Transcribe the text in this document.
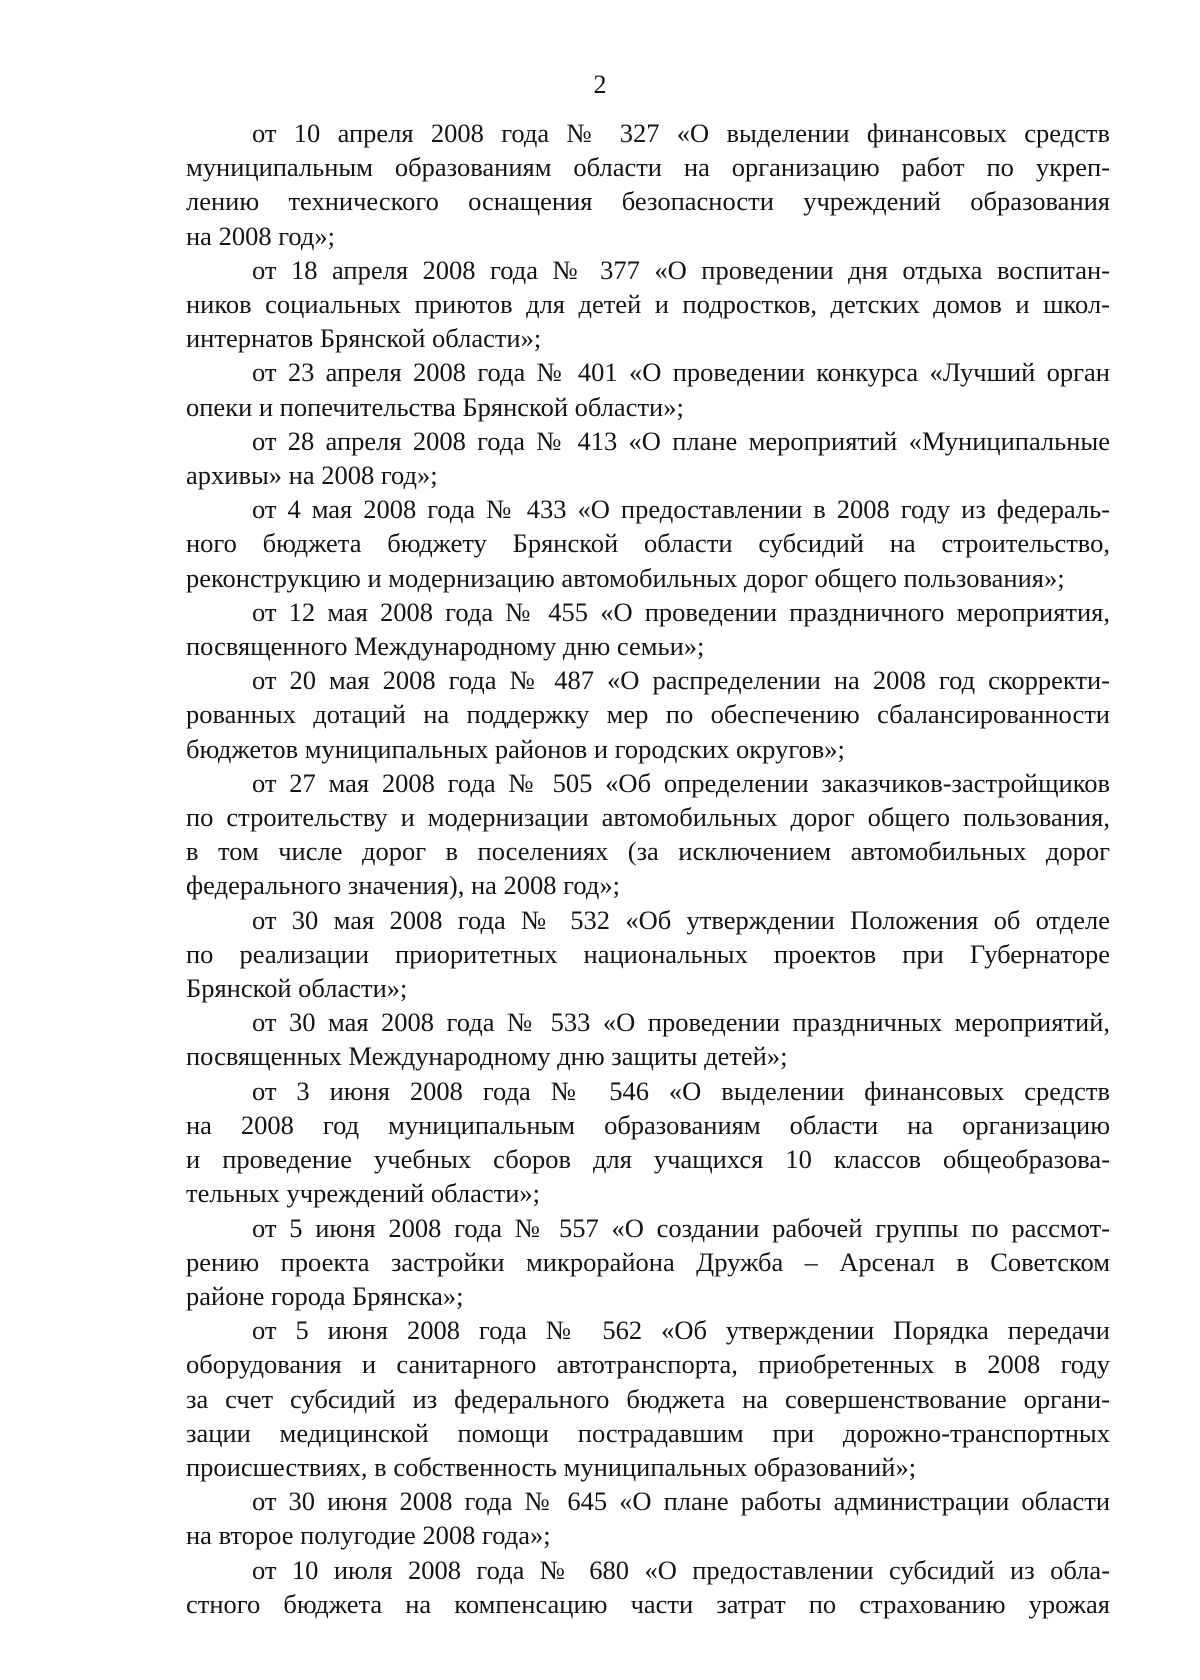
2
от 10 апреля 2008 года № 327 «О выделении финансовых средств
муниципальным образованиям области на организацию работ по укреп-
лению технического оснащения безопасности учреждений образования
на 2008 год»;
от 18 апреля 2008 года № 377 «О проведении дня отдыха воспитан-
ников социальных приютов для детей и подростков, детских домов и школ-
интернатов Брянской области»;
от 23 апреля 2008 года № 401 «О проведении конкурса «Лучший орган
опеки и попечительства Брянской области»;
от 28 апреля 2008 года № 413 «О плане мероприятий «Муниципальные
архивы» на 2008 год»;
от 4 мая 2008 года № 433 «О предоставлении в 2008 году из федераль-
ного бюджета бюджету Брянской области субсидий на строительство,
реконструкцию и модернизацию автомобильных дорог общего пользования»;
от 12 мая 2008 года № 455 «О проведении праздничного мероприятия,
посвященного Международному дню семьи»;
от 20 мая 2008 года № 487 «О распределении на 2008 год скорректи-
рованных дотаций на поддержку мер по обеспечению сбалансированности
бюджетов муниципальных районов и городских округов»;
от 27 мая 2008 года № 505 «Об определении заказчиков-застройщиков
по строительству и модернизации автомобильных дорог общего пользования,
в том числе дорог в поселениях (за исключением автомобильных дорог
федерального значения), на 2008 год»;
от 30 мая 2008 года № 532 «Об утверждении Положения об отделе
по реализации приоритетных национальных проектов при Губернаторе
Брянской области»;
от 30 мая 2008 года № 533 «О проведении праздничных мероприятий,
посвященных Международному дню защиты детей»;
от 3 июня 2008 года № 546 «О выделении финансовых средств
на 2008 год муниципальным образованиям области на организацию
и проведение учебных сборов для учащихся 10 классов общеобразова-
тельных учреждений области»;
от 5 июня 2008 года № 557 «О создании рабочей группы по рассмот-
рению проекта застройки микрорайона Дружба – Арсенал в Советском
районе города Брянска»;
от 5 июня 2008 года № 562 «Об утверждении Порядка передачи
оборудования и санитарного автотранспорта, приобретенных в 2008 году
за счет субсидий из федерального бюджета на совершенствование органи-
зации медицинской помощи пострадавшим при дорожно-транспортных
происшествиях, в собственность муниципальных образований»;
от 30 июня 2008 года № 645 «О плане работы администрации области
на второе полугодие 2008 года»;
от 10 июля 2008 года № 680 «О предоставлении субсидий из обла-
стного бюджета на компенсацию части затрат по страхованию урожая
